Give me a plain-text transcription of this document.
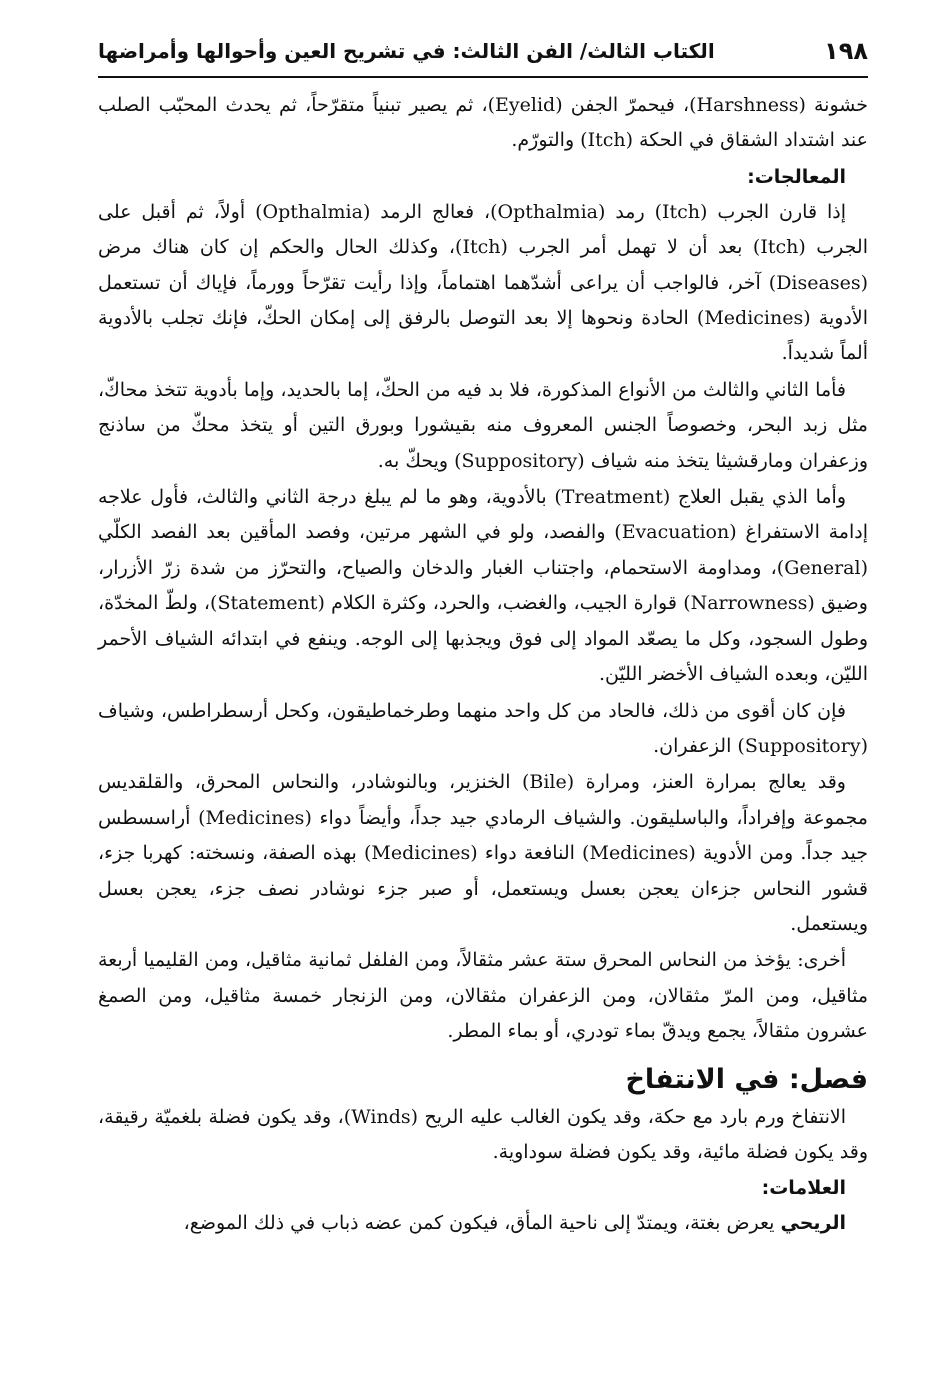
١٩٨
الكتاب الثالث/ الفن الثالث: في تشريح العين وأحوالها وأمراضها

خشونة (Harshness)، فيحمرّ الجفن (Eyelid)، ثم يصير تبنياً متقرّحاً، ثم يحدث المحبّب الصلب عند اشتداد الشقاق في الحكة (Itch) والتورّم.

المعالجات:

إذا قارن الجرب (Itch) رمد (Opthalmia)، فعالج الرمد (Opthalmia) أولاً، ثم أقبل على الجرب (Itch) بعد أن لا تهمل أمر الجرب (Itch)، وكذلك الحال والحكم إن كان هناك مرض (Diseases) آخر، فالواجب أن يراعى أشدّهما اهتماماً، وإذا رأيت تقرّحاً وورماً، فإياك أن تستعمل الأدوية (Medicines) الحادة ونحوها إلا بعد التوصل بالرفق إلى إمكان الحكّ، فإنك تجلب بالأدوية ألماً شديداً.

فأما الثاني والثالث من الأنواع المذكورة، فلا بد فيه من الحكّ، إما بالحديد، وإما بأدوية تتخذ محاكّ، مثل زبد البحر، وخصوصاً الجنس المعروف منه بقيشورا وبورق التين أو يتخذ محكّ من ساذنج وزعفران ومارقشيثا يتخذ منه شياف (Suppository) ويحكّ به.

وأما الذي يقبل العلاج (Treatment) بالأدوية، وهو ما لم يبلغ درجة الثاني والثالث، فأول علاجه إدامة الاستفراغ (Evacuation) والفصد، ولو في الشهر مرتين، وفصد المأقين بعد الفصد الكلّي (General)، ومداومة الاستحمام، واجتناب الغبار والدخان والصياح، والتحرّز من شدة زرّ الأزرار، وضيق (Narrowness) قوارة الجيب، والغضب، والحرد، وكثرة الكلام (Statement)، ولطّ المخدّة، وطول السجود، وكل ما يصعّد المواد إلى فوق ويجذبها إلى الوجه. وينفع في ابتدائه الشياف الأحمر الليّن، وبعده الشياف الأخضر الليّن.

فإن كان أقوى من ذلك، فالحاد من كل واحد منهما وطرخماطيقون، وكحل أرسطراطس، وشياف (Suppository) الزعفران.

وقد يعالج بمرارة العنز، ومرارة (Bile) الخنزير، وبالنوشادر، والنحاس المحرق، والقلقديس مجموعة وإفراداً، والباسليقون. والشياف الرمادي جيد جداً، وأيضاً دواء (Medicines) أراسسطس جيد جداً. ومن الأدوية (Medicines) النافعة دواء (Medicines) بهذه الصفة، ونسخته: كهربا جزء، قشور النحاس جزءان يعجن بعسل ويستعمل، أو صبر جزء نوشادر نصف جزء، يعجن بعسل ويستعمل.

أخرى: يؤخذ من النحاس المحرق ستة عشر مثقالاً، ومن الفلفل ثمانية مثاقيل، ومن القليميا أربعة مثاقيل، ومن المرّ مثقالان، ومن الزعفران مثقالان، ومن الزنجار خمسة مثاقيل، ومن الصمغ عشرون مثقالاً، يجمع ويدقّ بماء تودري، أو بماء المطر.

فصل: في الانتفاخ

الانتفاخ ورم بارد مع حكة، وقد يكون الغالب عليه الريح (Winds)، وقد يكون فضلة بلغميّة رقيقة، وقد يكون فضلة مائية، وقد يكون فضلة سوداوية.

العلامات:

الريحي يعرض بغتة، ويمتدّ إلى ناحية المأق، فيكون كمن عضه ذباب في ذلك الموضع،
